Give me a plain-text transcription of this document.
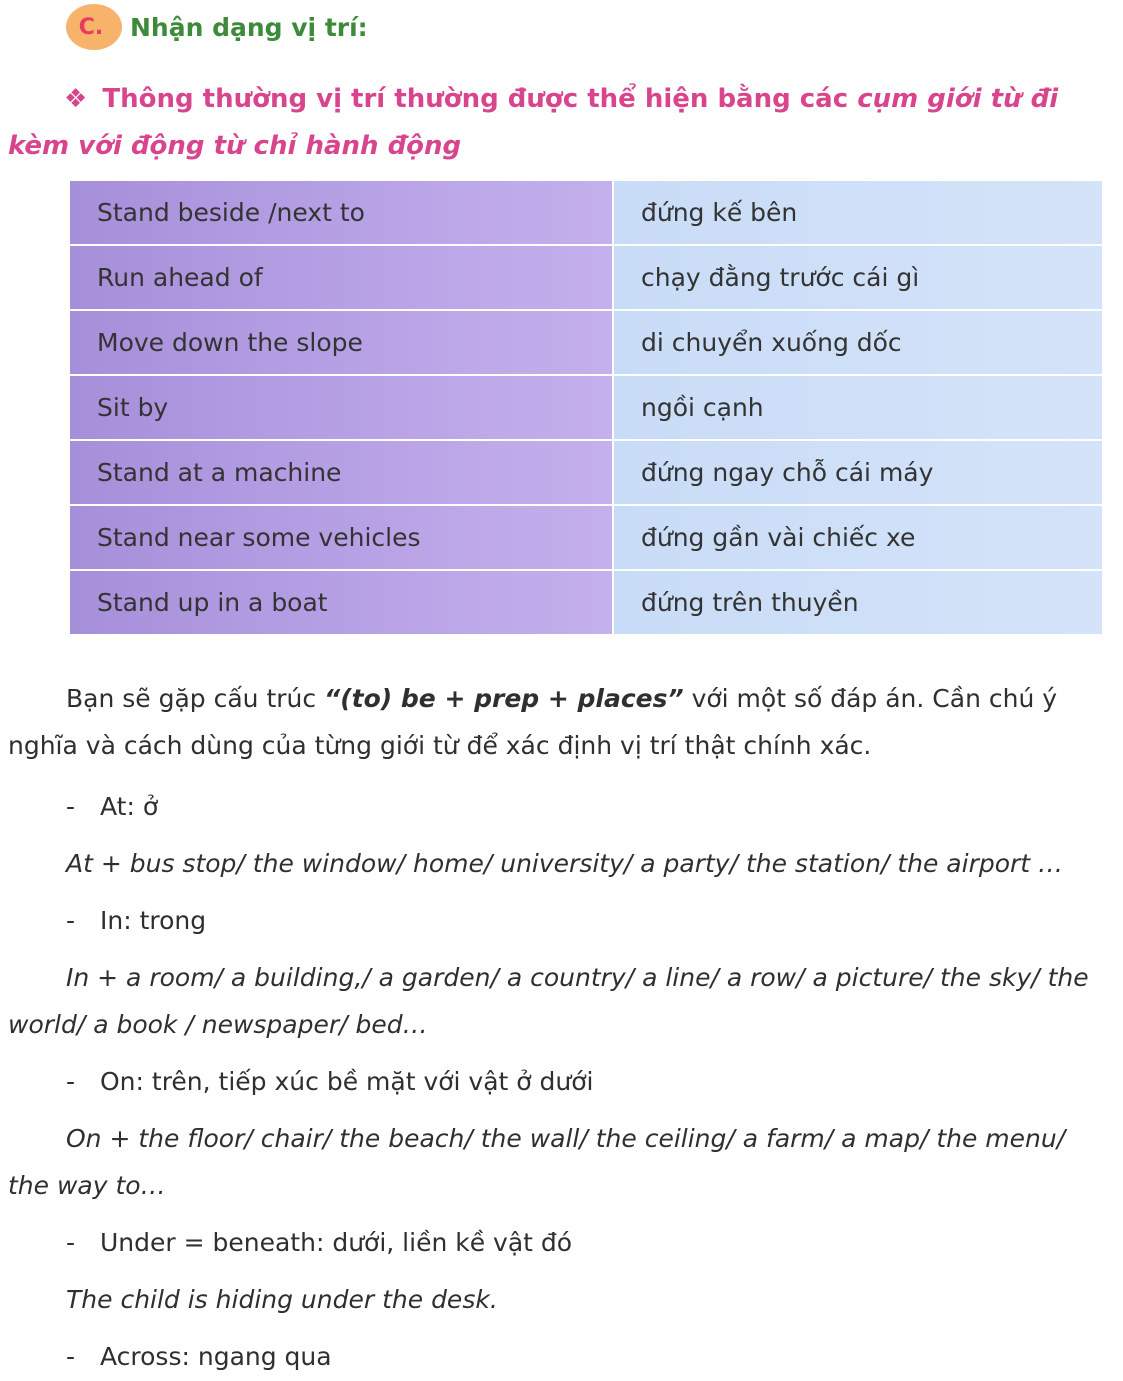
C.	Nhận dạng vị trí:

❖ Thông thường vị trí thường được thể hiện bằng các cụm giới từ đi kèm với động từ chỉ hành động

Stand beside /next to	đứng kế bên
Run ahead of	chạy đằng trước cái gì
Move down the slope	di chuyển xuống dốc
Sit by	ngồi cạnh
Stand at a machine	đứng ngay chỗ cái máy
Stand near some vehicles	đứng gần vài chiếc xe
Stand up in a boat	đứng trên thuyền

Bạn sẽ gặp cấu trúc “(to) be + prep + places” với một số đáp án. Cần chú ý nghĩa và cách dùng của từng giới từ để xác định vị trí thật chính xác.

- At: ở

At + bus stop/ the window/ home/ university/ a party/ the station/ the airport …

- In: trong

In + a room/ a building,/ a garden/ a country/ a line/ a row/ a picture/ the sky/ the world/ a book / newspaper/ bed…

- On: trên, tiếp xúc bề mặt với vật ở dưới

On + the floor/ chair/ the beach/ the wall/ the ceiling/ a farm/ a map/ the menu/ the way to…

- Under = beneath: dưới, liền kề vật đó

The child is hiding under the desk.

- Across: ngang qua
